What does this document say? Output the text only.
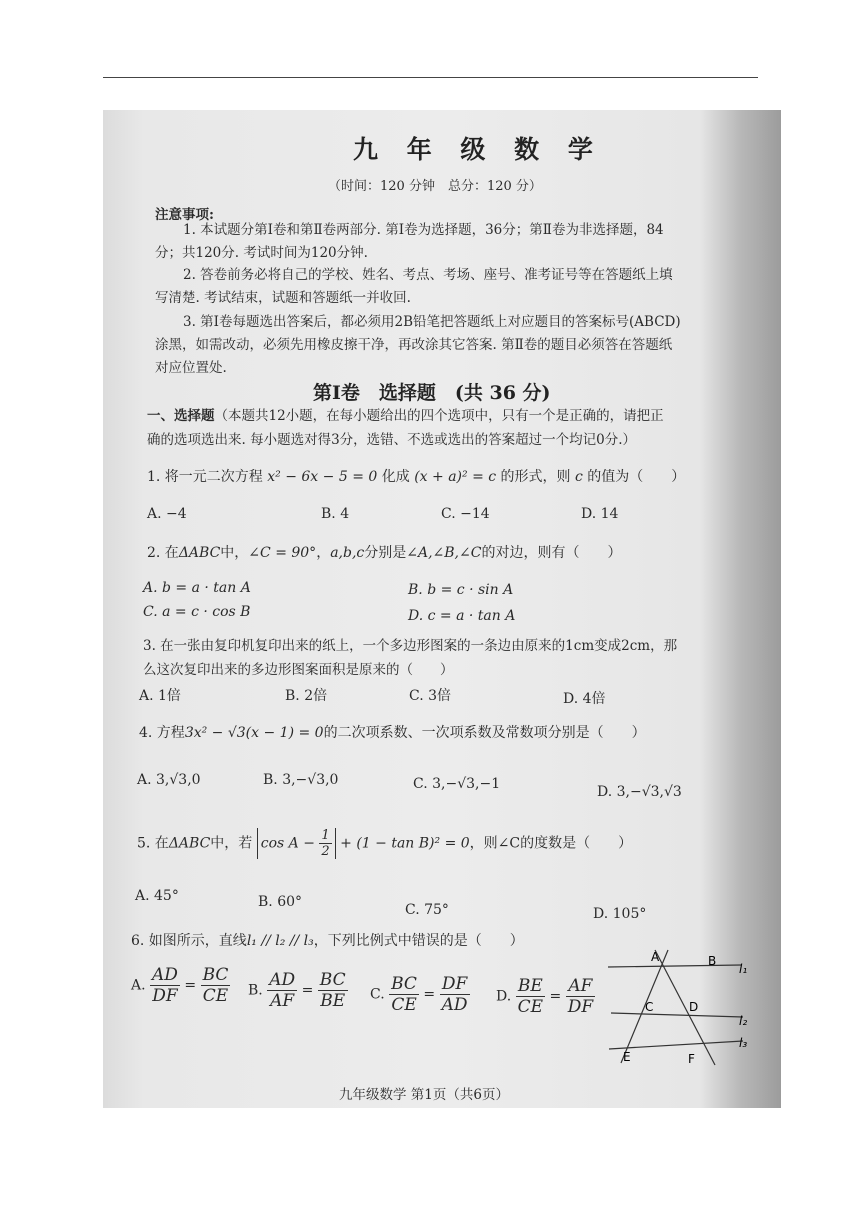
九 年 级 数 学
（时间：120 分钟　总分：120 分）
注意事项:
1. 本试题分第Ⅰ卷和第Ⅱ卷两部分. 第Ⅰ卷为选择题，36分；第Ⅱ卷为非选择题，84
分；共120分. 考试时间为120分钟.
2. 答卷前务必将自己的学校、姓名、考点、考场、座号、准考证号等在答题纸上填
写清楚. 考试结束，试题和答题纸一并收回.
3. 第Ⅰ卷每题选出答案后，都必须用2B铅笔把答题纸上对应题目的答案标号(ABCD)
涂黑，如需改动，必须先用橡皮擦干净，再改涂其它答案. 第Ⅱ卷的题目必须答在答题纸
对应位置处.
第Ⅰ卷　选择题　(共 36 分)
一、选择题（本题共12小题，在每小题给出的四个选项中，只有一个是正确的，请把正
确的选项选出来. 每小题选对得3分，选错、不选或选出的答案超过一个均记0分.）
1. 将一元二次方程 x² − 6x − 5 = 0 化成 (x + a)² = c 的形式，则 c 的值为（　　）
A. −4	B. 4	C. −14	D. 14
2. 在ΔABC中，∠C = 90°，a,b,c分别是∠A,∠B,∠C的对边，则有（　　）
A. b = a · tan A	B. b = c · sin A
C. a = c · cos B	D. c = a · tan A
3. 在一张由复印机复印出来的纸上，一个多边形图案的一条边由原来的1cm变成2cm，那
么这次复印出来的多边形图案面积是原来的（　　）
A. 1倍	B. 2倍	C. 3倍	D. 4倍
4. 方程3x² − √3(x − 1) = 0的二次项系数、一次项系数及常数项分别是（　　）
A. 3,√3,0	B. 3,−√3,0	C. 3,−√3,−1	D. 3,−√3,√3
5. 在ΔABC中，若 $\cos A - \frac{1}{2} + (1 - \tan B)^2 = 0$，则∠C的度数是（　　）
A. 45°	B. 60°	C. 75°	D. 105°
6. 如图所示，直线l₁ // l₂ // l₃，下列比例式中错误的是（　　）
A. $\frac{AD}{DF} = \frac{BC}{CE} B$. $\frac{AD}{AF} = \frac{BC}{BE} C$. $\frac{BC}{CE} = \frac{DF}{AD} D$. $\frac{BE}{CE} = \frac{AF}{DF}$
A	B
C	D
E	F
l₁
l₂
l₃
九年级数学 第1页（共6页）
